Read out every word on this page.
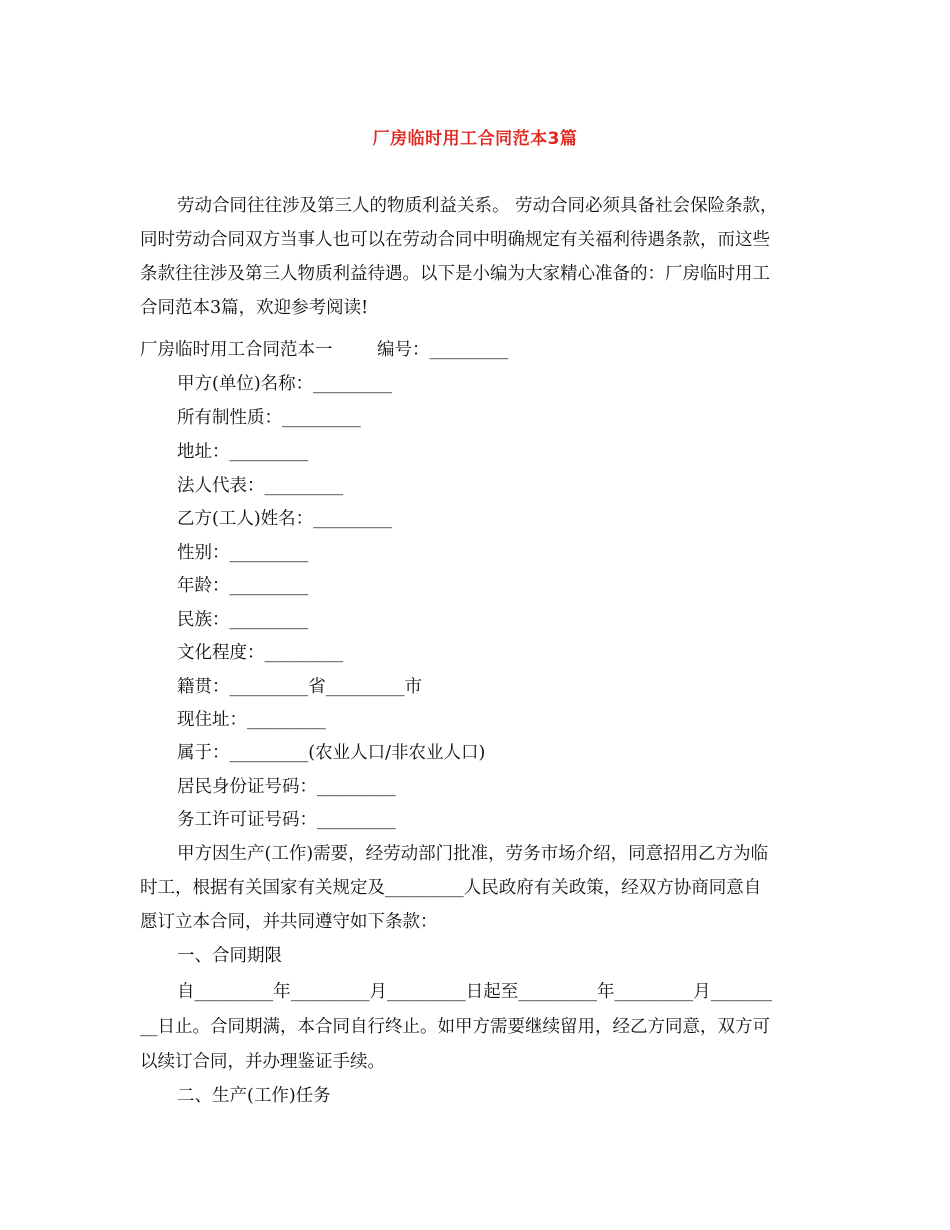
厂房临时用工合同范本3篇
劳动合同往往涉及第三人的物质利益关系。 劳动合同必须具备社会保险条款，
同时劳动合同双方当事人也可以在劳动合同中明确规定有关福利待遇条款，而这些
条款往往涉及第三人物质利益待遇。以下是小编为大家精心准备的：厂房临时用工
合同范本3篇，欢迎参考阅读!
厂房临时用工合同范本一        编号：_________
甲方(单位)名称：_________
所有制性质：_________
地址：_________
法人代表：_________
乙方(工人)姓名：_________
性别：_________
年龄：_________
民族：_________
文化程度：_________
籍贯：_________省_________市
现住址：_________
属于：_________(农业人口/非农业人口)
居民身份证号码：_________
务工许可证号码：_________
甲方因生产(工作)需要，经劳动部门批准，劳务市场介绍，同意招用乙方为临
时工，根据有关国家有关规定及_________人民政府有关政策，经双方协商同意自
愿订立本合同，并共同遵守如下条款：
一、合同期限
自_________年_________月_________日起至_________年_________月_______
__日止。合同期满，本合同自行终止。如甲方需要继续留用，经乙方同意，双方可
以续订合同，并办理鉴证手续。
二、生产(工作)任务
